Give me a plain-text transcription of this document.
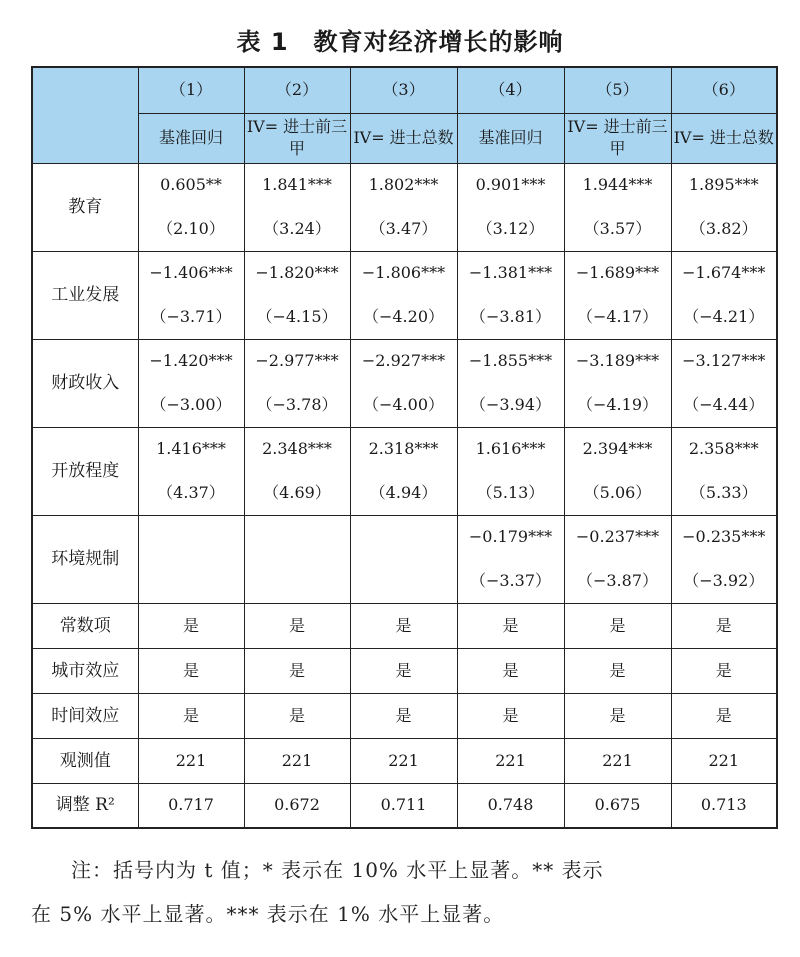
表 1　教育对经济增长的影响
	（1）	（2）	（3）	（4）	（5）	（6）
	基准回归	IV= 进士前三甲	IV= 进士总数	基准回归	IV= 进士前三甲	IV= 进士总数
教育	0.605**	1.841***	1.802***	0.901***	1.944***	1.895***
	（2.10）	（3.24）	（3.47）	（3.12）	（3.57）	（3.82）
工业发展	−1.406***	−1.820***	−1.806***	−1.381***	−1.689***	−1.674***
	（−3.71）	（−4.15）	（−4.20）	（−3.81）	（−4.17）	（−4.21）
财政收入	−1.420***	−2.977***	−2.927***	−1.855***	−3.189***	−3.127***
	（−3.00）	（−3.78）	（−4.00）	（−3.94）	（−4.19）	（−4.44）
开放程度	1.416***	2.348***	2.318***	1.616***	2.394***	2.358***
	（4.37）	（4.69）	（4.94）	（5.13）	（5.06）	（5.33）
环境规制				−0.179***	−0.237***	−0.235***
				（−3.37）	（−3.87）	（−3.92）
常数项	是	是	是	是	是	是
城市效应	是	是	是	是	是	是
时间效应	是	是	是	是	是	是
观测值	221	221	221	221	221	221
调整 R²	0.717	0.672	0.711	0.748	0.675	0.713
注：括号内为 t 值；* 表示在 10% 水平上显著。** 表示
在 5% 水平上显著。*** 表示在 1% 水平上显著。
